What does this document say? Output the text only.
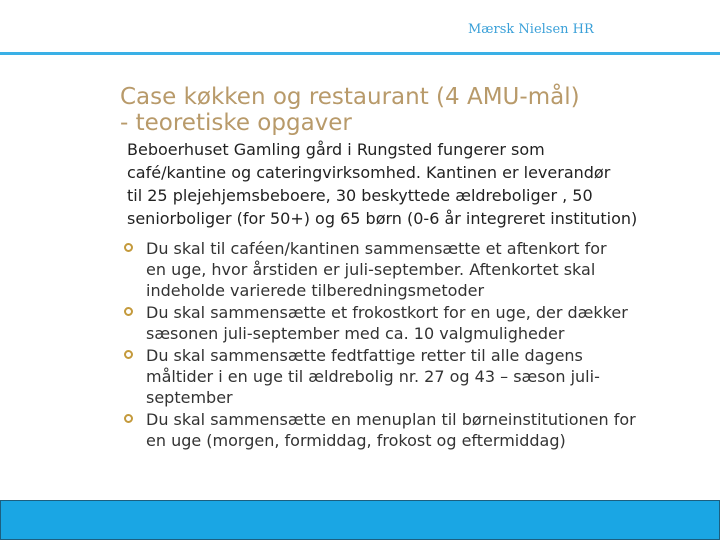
Mærsk Nielsen HR
Case køkken og restaurant (4 AMU-mål)
- teoretiske opgaver

Beboerhuset Gamling gård i Rungsted fungerer som
café/kantine og cateringvirksomhed. Kantinen er leverandør
til 25 plejehjemsbeboere, 30 beskyttede ældreboliger , 50
seniorboliger (for 50+) og 65 børn (0-6 år integreret institution)

Du skal til caféen/kantinen sammensætte et aftenkort for
en uge, hvor årstiden er juli-september. Aftenkortet skal
indeholde varierede tilberedningsmetoder
Du skal sammensætte et frokostkort for en uge, der dækker
sæsonen juli-september med ca. 10 valgmuligheder
Du skal sammensætte fedtfattige retter til alle dagens
måltider i en uge til ældrebolig nr. 27 og 43 – sæson juli-
september
Du skal sammensætte en menuplan til børneinstitutionen for
en uge (morgen, formiddag, frokost og eftermiddag)
